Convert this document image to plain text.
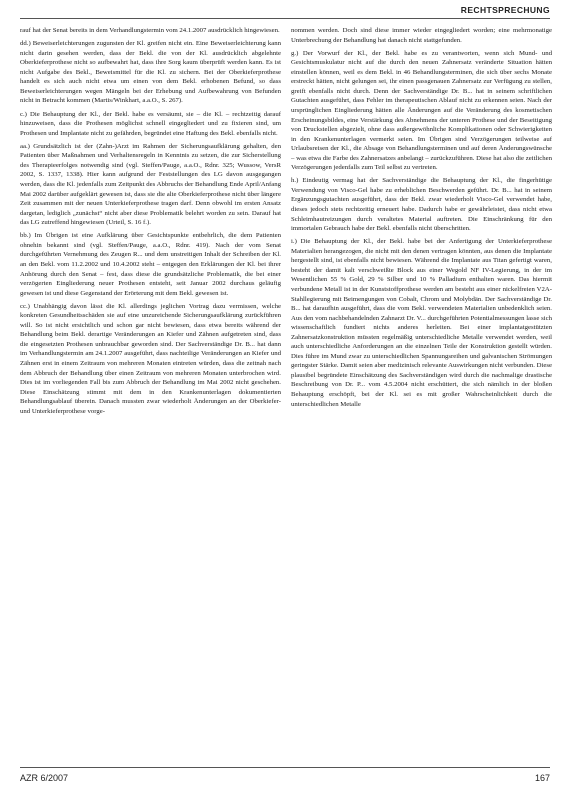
RECHTSPRECHUNG

rauf hat der Senat bereits in dem Verhandlungstermin vom 24.1.2007 ausdrücklich hingewiesen.

dd.) Beweiserleichterungen zugunsten der Kl. greifen nicht ein. Eine Beweiserleichterung kann nicht darin gesehen werden, dass der Bekl. die von der Kl. ausdrücklich abgelehnte Oberkieferprothese nicht so aufbewahrt hat, dass ihre Sorg kaum überprüft werden kann. Es ist nicht Aufgabe des Bekl., Beweismittel für die Kl. zu sichern. Bei der Oberkieferprothese handelt es sich auch nicht etwa um einen von dem Bekl. erhobenen Befund, so dass Beweiserleichterungen wegen Mängeln bei der Erhebung und Aufbewahrung von Befunden nicht in Betracht kommen (Martis/Winkhart, a.a.O., S. 267).

c.) Die Behauptung der Kl., der Bekl. habe es versäumt, sie – die Kl. – rechtzeitig darauf hinzuweisen, dass die Prothesen möglichst schnell eingegliedert und zu fixieren sind, um Prothesen und Implantate nicht zu gefährden, begründet eine Haftung des Bekl. ebenfalls nicht.

aa.) Grundsätzlich ist der (Zahn-)Arzt im Rahmen der Sicherungsaufklärung gehalten, den Patienten über Maßnahmen und Verhaltensregeln in Kenntnis zu setzen, die zur Sicherstellung des Therapieerfolges notwendig sind (vgl. Steffen/Pauge, a.a.O., Rdnr. 325; Wussow, VersR 2002, S. 1337, 1338). Hier kann aufgrund der Feststellungen des LG davon ausgegangen werden, dass die Kl. jedenfalls zum Zeitpunkt des Abbruchs der Behandlung Ende April/Anfang Mai 2002 darüber aufgeklärt gewesen ist, dass sie die alte Oberkieferprothese nicht über längere Zeit zusammen mit der neuen Unterkieferprothese tragen darf. Denn obwohl im ersten Ansatz dargetan, lediglich „zunächst“ nicht aber diese Problematik belehrt worden zu sein. Darauf hat das LG zutreffend hingewiesen (Urteil, S. 16 f.).

bb.) Im Übrigen ist eine Aufklärung über Gesichtspunkte entbehrlich, die dem Patienten ohnehin bekannt sind (vgl. Steffen/Pauge, a.a.O., Rdnr. 419). Nach der vom Senat durchgeführten Vernehmung des Zeugen R... und dem unstreitigen Inhalt der Schreiben der Kl. an den Bekl. vom 11.2.2002 und 10.4.2002 steht – entgegen den Erklärungen der Kl. bei ihrer Anhörung durch den Senat – fest, dass diese die grundsätzliche Problematik, die bei einer verzögerten Eingliederung neuer Prothesen entsteht, seit Januar 2002 durchaus geläufig gewesen ist und diese Gegenstand der Erörterung mit dem Bekl. gewesen ist.

cc.) Unabhängig davon lässt die Kl. allerdings jeglichen Vortrag dazu vermissen, welche konkreten Gesundheitsschäden sie auf eine unzureichende Sicherungsaufklärung zurückführen will. So ist nicht ersichtlich und schon gar nicht bewiesen, dass etwa bereits während der Behandlung beim Bekl. derartige Veränderungen an Kiefer und Zähnen aufgetreten sind, dass die eingesetzten Prothesen unbrauchbar geworden sind. Der Sachverständige Dr. B... hat dann im Verhandlungstermin am 24.1.2007 ausgeführt, dass nachteilige Veränderungen an Kiefer und Zähnen erst in einem Zeitraum von mehreren Monaten eintreten würden, dass die zeitnah nach dem Abbruch der Behandlung über einen Zeitraum von mehreren Monaten unterbrochen wird. Dies ist im vorliegenden Fall bis zum Abbruch der Behandlung im Mai 2002 nicht geschehen. Diese Einschätzung stimmt mit dem in den Krankenunterlagen dokumentierten Behandlungsablauf überein. Danach mussten zwar wiederholt Änderungen an der Oberkiefer- und Unterkieferprothese vorge-

nommen werden. Doch sind diese immer wieder eingegliedert worden; eine mehrmonatige Unterbrechung der Behandlung hat danach nicht stattgefunden.

g.) Der Vorwurf der Kl., der Bekl. habe es zu verantworten, wenn sich Mund- und Gesichtsmuskulatur nicht auf die durch den neuen Zahnersatz veränderte Situation hätten einstellen können, weil es dem Bekl. in 46 Behandlungsterminen, die sich über sechs Monate erstreckt hätten, nicht gelungen sei, ihr einen passgenauen Zahnersatz zur Verfügung zu stellen, greift ebenfalls nicht durch. Denn der Sachverständige Dr. B... hat in seinem schriftlichen Gutachten ausgeführt, dass Fehler im therapeutischen Ablauf nicht zu erkennen seien. Nach der ursprünglichen Eingliederung hätten alle Änderungen auf die Veränderung des kosmetischen Erscheinungsbildes, eine Verstärkung des Abnehmens der unteren Prothese und der Beseitigung von Druckstellen abgezielt, ohne dass außergewöhnliche Komplikationen oder Schwierigkeiten in den Krankenunterlagen vermerkt seien. Im Übrigen sind Verzögerungen teilweise auf Urlaubsreisen der Kl., die Absage von Behandlungsterminen und auf deren Änderungswünsche – was etwa die Farbe des Zahnersatzes anbelangt – zurückzuführen. Diese hat also die zeitlichen Verzögerungen jedenfalls zum Teil selbst zu vertreten.

h.) Eindeutig vermag hat der Sachverständige die Behauptung der Kl., die fingerhütige Verwendung von Visco-Gel habe zu erheblichen Beschwerden geführt. Dr. B... hat in seinem Ergänzungsgutachten ausgeführt, dass der Bekl. zwar wiederholt Visco-Gel verwendet habe, dieses jedoch stets rechtzeitig erneuert habe. Dadurch habe er gewährleistet, dass nicht etwa Schleimhautreizungen durch veraltetes Material auftreten. Die Einschränkung für den immortalen Gebrauch habe der Bekl. ebenfalls nicht überschritten.

i.) Die Behauptung der Kl., der Bekl. habe bei der Anfertigung der Unterkieferprothese Materialien herangezogen, die nicht mit den denen vertragen könnten, aus denen die Implantate hergestellt sind, ist ebenfalls nicht bewiesen. Während die Implantate aus Titan gefertigt waren, besteht der damit kalt verschweißte Block aus einer Wegold NF IV-Legierung, in der im Wesentlichen 55 % Gold, 29 % Silber und 10 % Palladium enthalten waren. Das hiermit verbundene Metall ist in der Kunststoffprothese werden am besteht aus einer nickelfreien V2A-Stahllegierung mit Beimengungen von Cobalt, Chrom und Molybdän. Der Sachverständige Dr. B... hat daraufhin ausgeführt, dass die vom Bekl. verwendeten Materialien unbedenklich seien. Aus den vom nachbehandelnden Zahnarzt Dr. V... durchgeführten Potentialmessungen lasse sich wissenschaftlich fundiert nichts anderes herleiten. Bei einer implantatgestützten Zahnersatzkonstruktion müssten regelmäßig unterschiedliche Metalle verwendet werden, weil auch unterschiedliche Anforderungen an die einzelnen Teile der Konstruktion gestellt würden. Dies führe im Mund zwar zu unterschiedlichen Spannungsreihen und galvanischen Strömungen geringster Stärke. Damit seien aber medizinisch relevante Auswirkungen nicht verbunden. Diese plausibel begründete Einschätzung des Sachverständigen wird durch die nachmalige drastische Beschreibung von Dr. P... vom 4.5.2004 nicht erschüttert, die sich nämlich in der bloßen Behauptung erschöpft, bei der Kl. sei es mit großer Wahrscheinlichkeit durch die unterschiedlichen Metalle

AZR 6/2007	167
